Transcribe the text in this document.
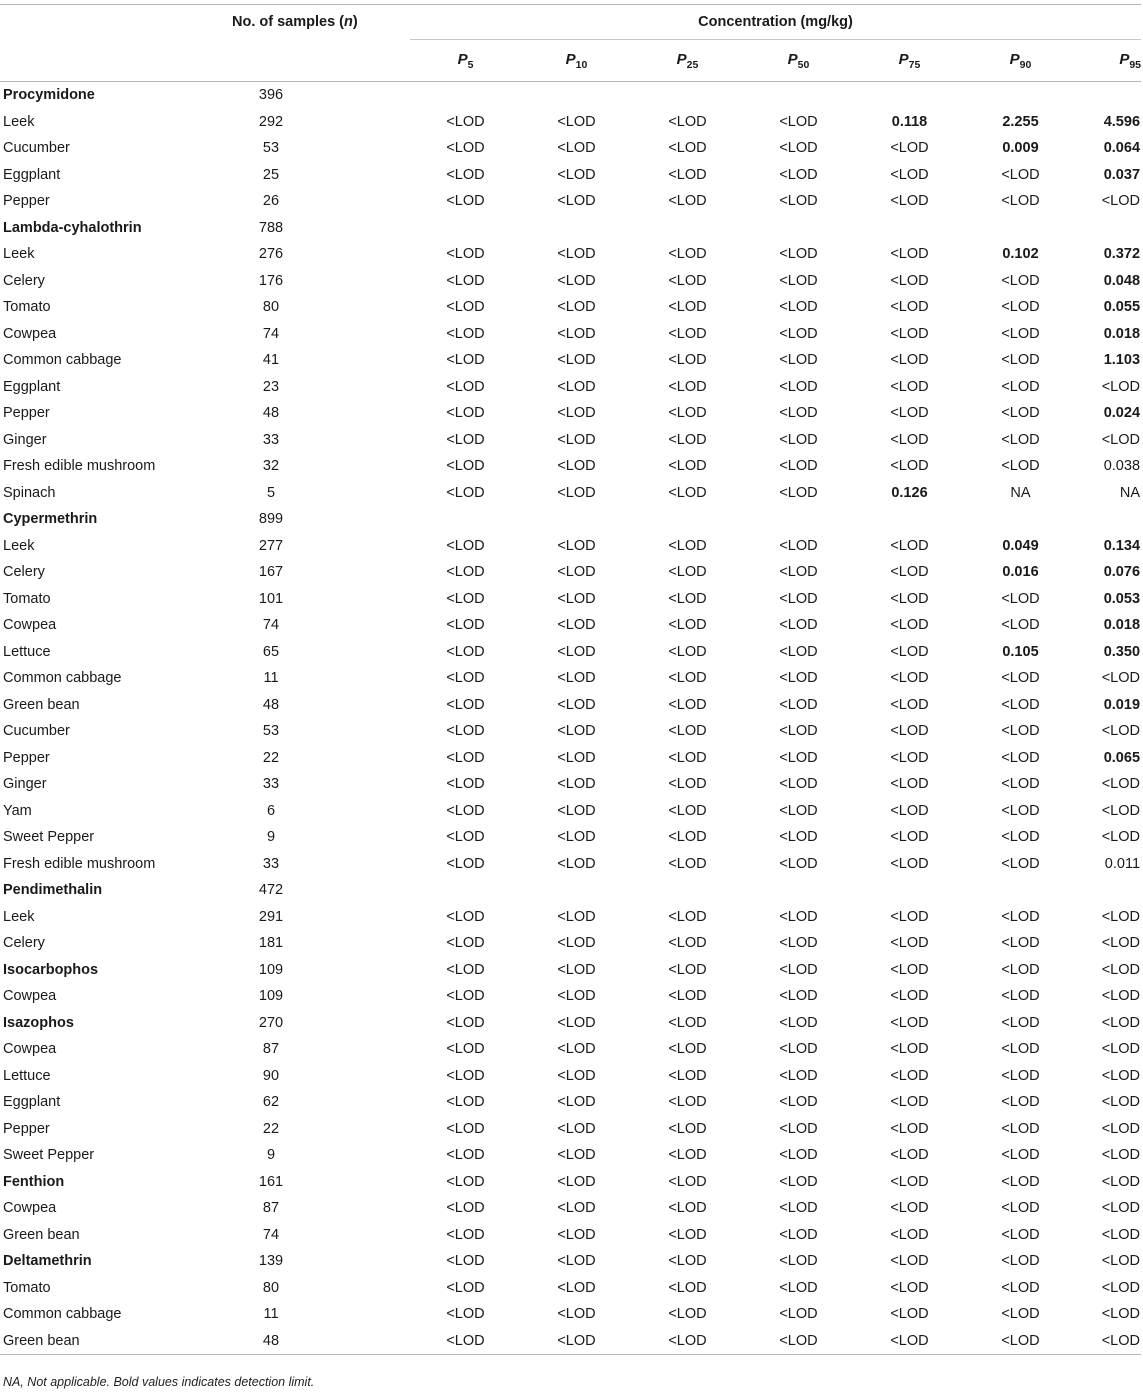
	No. of samples (n)		Concentration (mg/kg)						
			$P_5$	$P_{10}$	$P_{25}$	$P_{50}$	$P_{75}$	$P_{90}$	$P_{95}$
Procymidone	396								
Leek	292		<LOD	<LOD	<LOD	<LOD	0.118	2.255	4.596
Cucumber	53		<LOD	<LOD	<LOD	<LOD	<LOD	0.009	0.064
Eggplant	25		<LOD	<LOD	<LOD	<LOD	<LOD	<LOD	0.037
Pepper	26		<LOD	<LOD	<LOD	<LOD	<LOD	<LOD	<LOD
Lambda-cyhalothrin	788								
Leek	276		<LOD	<LOD	<LOD	<LOD	<LOD	0.102	0.372
Celery	176		<LOD	<LOD	<LOD	<LOD	<LOD	<LOD	0.048
Tomato	80		<LOD	<LOD	<LOD	<LOD	<LOD	<LOD	0.055
Cowpea	74		<LOD	<LOD	<LOD	<LOD	<LOD	<LOD	0.018
Common cabbage	41		<LOD	<LOD	<LOD	<LOD	<LOD	<LOD	1.103
Eggplant	23		<LOD	<LOD	<LOD	<LOD	<LOD	<LOD	<LOD
Pepper	48		<LOD	<LOD	<LOD	<LOD	<LOD	<LOD	0.024
Ginger	33		<LOD	<LOD	<LOD	<LOD	<LOD	<LOD	<LOD
Fresh edible mushroom	32		<LOD	<LOD	<LOD	<LOD	<LOD	<LOD	0.038
Spinach	5		<LOD	<LOD	<LOD	<LOD	0.126	NA	NA
Cypermethrin	899								
Leek	277		<LOD	<LOD	<LOD	<LOD	<LOD	0.049	0.134
Celery	167		<LOD	<LOD	<LOD	<LOD	<LOD	0.016	0.076
Tomato	101		<LOD	<LOD	<LOD	<LOD	<LOD	<LOD	0.053
Cowpea	74		<LOD	<LOD	<LOD	<LOD	<LOD	<LOD	0.018
Lettuce	65		<LOD	<LOD	<LOD	<LOD	<LOD	0.105	0.350
Common cabbage	11		<LOD	<LOD	<LOD	<LOD	<LOD	<LOD	<LOD
Green bean	48		<LOD	<LOD	<LOD	<LOD	<LOD	<LOD	0.019
Cucumber	53		<LOD	<LOD	<LOD	<LOD	<LOD	<LOD	<LOD
Pepper	22		<LOD	<LOD	<LOD	<LOD	<LOD	<LOD	0.065
Ginger	33		<LOD	<LOD	<LOD	<LOD	<LOD	<LOD	<LOD
Yam	6		<LOD	<LOD	<LOD	<LOD	<LOD	<LOD	<LOD
Sweet Pepper	9		<LOD	<LOD	<LOD	<LOD	<LOD	<LOD	<LOD
Fresh edible mushroom	33		<LOD	<LOD	<LOD	<LOD	<LOD	<LOD	0.011
Pendimethalin	472								
Leek	291		<LOD	<LOD	<LOD	<LOD	<LOD	<LOD	<LOD
Celery	181		<LOD	<LOD	<LOD	<LOD	<LOD	<LOD	<LOD
Isocarbophos	109		<LOD	<LOD	<LOD	<LOD	<LOD	<LOD	<LOD
Cowpea	109		<LOD	<LOD	<LOD	<LOD	<LOD	<LOD	<LOD
Isazophos	270		<LOD	<LOD	<LOD	<LOD	<LOD	<LOD	<LOD
Cowpea	87		<LOD	<LOD	<LOD	<LOD	<LOD	<LOD	<LOD
Lettuce	90		<LOD	<LOD	<LOD	<LOD	<LOD	<LOD	<LOD
Eggplant	62		<LOD	<LOD	<LOD	<LOD	<LOD	<LOD	<LOD
Pepper	22		<LOD	<LOD	<LOD	<LOD	<LOD	<LOD	<LOD
Sweet Pepper	9		<LOD	<LOD	<LOD	<LOD	<LOD	<LOD	<LOD
Fenthion	161		<LOD	<LOD	<LOD	<LOD	<LOD	<LOD	<LOD
Cowpea	87		<LOD	<LOD	<LOD	<LOD	<LOD	<LOD	<LOD
Green bean	74		<LOD	<LOD	<LOD	<LOD	<LOD	<LOD	<LOD
Deltamethrin	139		<LOD	<LOD	<LOD	<LOD	<LOD	<LOD	<LOD
Tomato	80		<LOD	<LOD	<LOD	<LOD	<LOD	<LOD	<LOD
Common cabbage	11		<LOD	<LOD	<LOD	<LOD	<LOD	<LOD	<LOD
Green bean	48		<LOD	<LOD	<LOD	<LOD	<LOD	<LOD	<LOD
NA, Not applicable. Bold values indicates detection limit.
